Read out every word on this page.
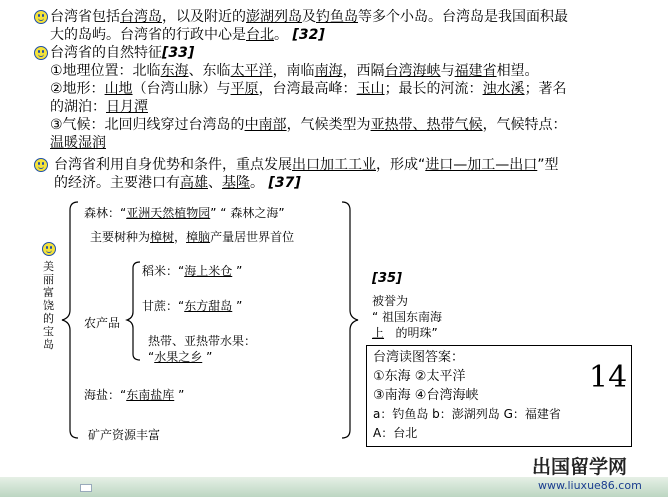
台湾省包括台湾岛，以及附近的澎湖列岛及钓鱼岛等多个小岛。台湾岛是我国面积最
大的岛屿。台湾省的行政中心是台北。 [32]
台湾省的自然特征[33]
①地理位置：北临东海、东临太平洋，南临南海，西隔台湾海峡与福建省相望。
②地形：山地（台湾山脉）与平原，台湾最高峰：玉山；最长的河流：浊水溪；著名
的湖泊：日月潭
③气候：北回归线穿过台湾岛的中南部，气候类型为亚热带、热带气候，气候特点：
温暖湿润
台湾省利用自身优势和条件，重点发展出口加工工业，形成“进口—加工—出口”型
的经济。主要港口有高雄、基隆。 [37]
美丽富饶的宝岛
森林：“亚洲天然植物园” “ 森林之海”
主要树种为樟树，樟脑产量居世界首位
农产品
稻米：“海上米仓 ”
甘蔗：“东方甜岛 ”
热带、亚热带水果：
“水果之乡 ”
海盐：“东南盐库 ”
矿产资源丰富
[35]
被誉为
“ 祖国东南海
上 的明珠”
台湾读图答案：
①东海 ②太平洋
③南海 ④台湾海峡
a：钓鱼岛 b：澎湖列岛 G：福建省
A：台北
14
出国留学网
www.liuxue86.com
